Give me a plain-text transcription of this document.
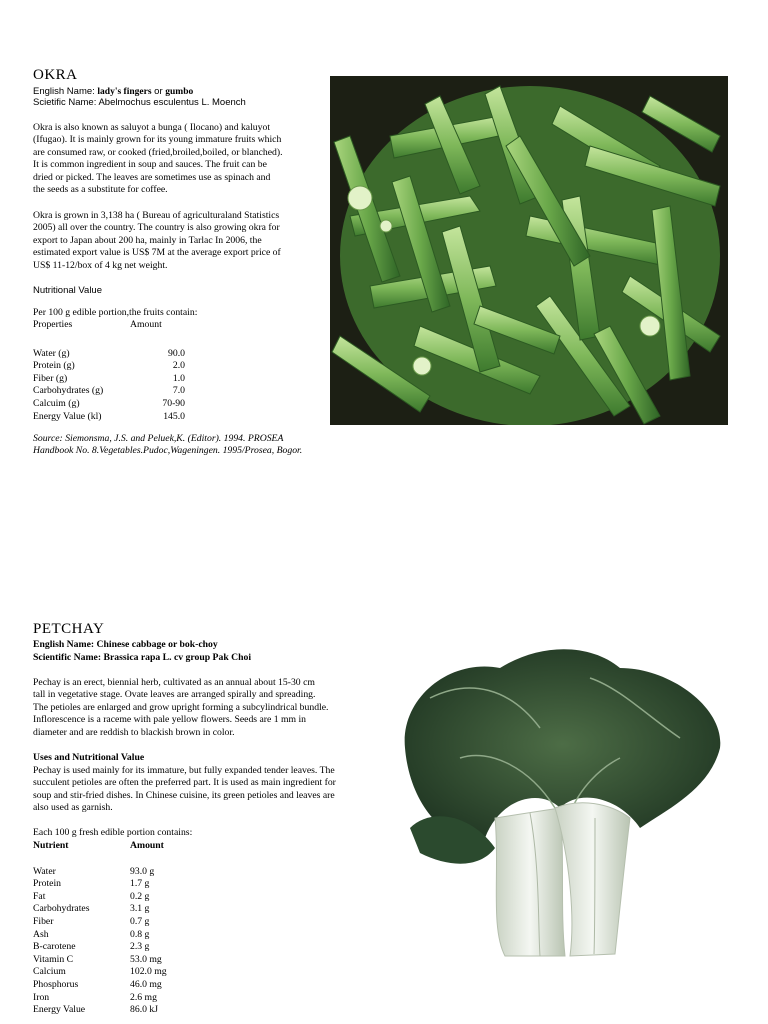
OKRA
English Name: lady's fingers or gumbo
Scietific Name: Abelmochus esculentus L. Moench
Okra is also known as saluyot a bunga ( Ilocano) and kaluyot
(Ifugao). It is mainly grown for its young immature fruits which
are consumed raw, or cooked (fried,broiled,boiled, or blanched).
It is common ingredient in soup and sauces. The fruit can be
dried or picked. The leaves are sometimes use as spinach and
the seeds as a substitute for coffee.
Okra is grown in 3,138 ha ( Bureau of agriculturaland Statistics
2005) all over the country. The country is also growing okra for
export to Japan about 200 ha, mainly in Tarlac In 2006, the
estimated export value is US$ 7M at the average export price of
US$ 11-12/box of 4 kg net weight.
Nutritional Value
Per 100 g edible portion,the fruits contain:
Properties	Amount
Water (g)	90.0
Protein (g)	2.0
Fiber (g)	1.0
Carbohydrates (g)	7.0
Calcuim (g)	70-90
Energy Value (kl)	145.0
Source: Siemonsma, J.S. and Peluek,K. (Editor). 1994. PROSEA
Handbook No. 8.Vegetables.Pudoc,Wageningen. 1995/Prosea, Bogor.
PETCHAY
English Name: Chinese cabbage or bok-choy
Scientific Name: Brassica rapa L. cv group Pak Choi
Pechay is an erect, biennial herb, cultivated as an annual about 15-30 cm
tall in vegetative stage. Ovate leaves are arranged spirally and spreading.
The petioles are enlarged and grow upright forming a subcylindrical bundle.
Inflorescence is a raceme with pale yellow flowers. Seeds are 1 mm in
diameter and are reddish to blackish brown in color.
Uses and Nutritional Value
Pechay is used mainly for its immature, but fully expanded tender leaves. The
succulent petioles are often the preferred part. It is used as main ingredient for
soup and stir-fried dishes. In Chinese cuisine, its green petioles and leaves are
also used as garnish.
Each 100 g fresh edible portion contains:
Nutrient	Amount
Water	93.0 g
Protein	1.7 g
Fat	0.2 g
Carbohydrates	3.1 g
Fiber	0.7 g
Ash	0.8 g
B-carotene	2.3 g
Vitamin C	53.0 mg
Calcium	102.0 mg
Phosphorus	46.0 mg
Iron	2.6 mg
Energy Value	86.0 kJ
